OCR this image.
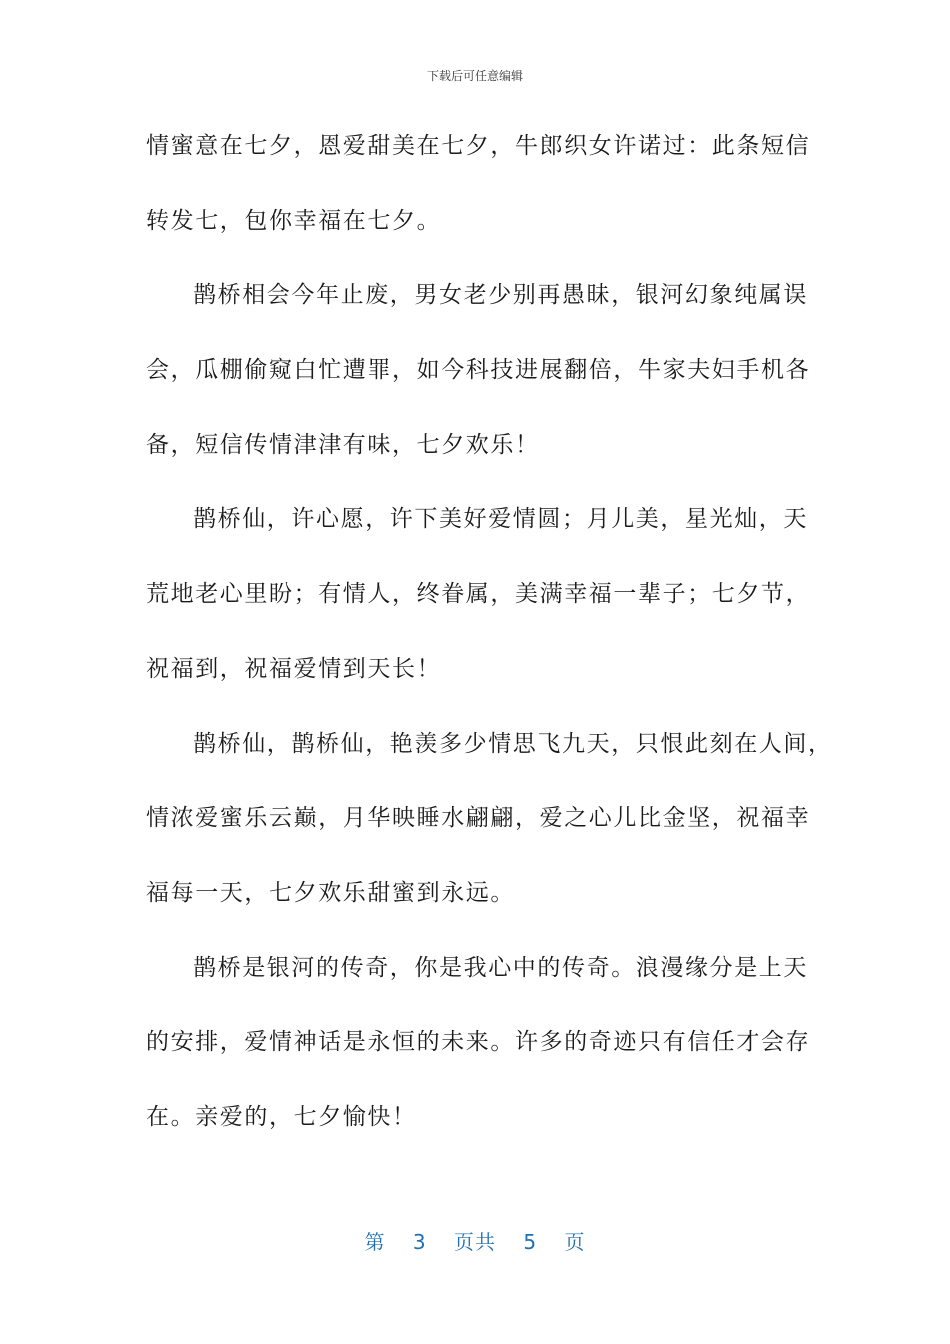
下载后可任意编辑
情蜜意在七夕，恩爱甜美在七夕，牛郎织女许诺过：此条短信
转发七，包你幸福在七夕。
鹊桥相会今年止废，男女老少别再愚昧，银河幻象纯属误
会，瓜棚偷窥白忙遭罪，如今科技进展翻倍，牛家夫妇手机各
备，短信传情津津有味，七夕欢乐！
鹊桥仙，许心愿，许下美好爱情圆；月儿美，星光灿，天
荒地老心里盼；有情人，终眷属，美满幸福一辈子；七夕节，
祝福到，祝福爱情到天长！
鹊桥仙，鹊桥仙，艳羡多少情思飞九天，只恨此刻在人间，
情浓爱蜜乐云巅，月华映睡水翩翩，爱之心儿比金坚，祝福幸
福每一天，七夕欢乐甜蜜到永远。
鹊桥是银河的传奇，你是我心中的传奇。浪漫缘分是上天
的安排，爱情神话是永恒的未来。许多的奇迹只有信任才会存
在。亲爱的，七夕愉快！
第 3 页共 5 页
